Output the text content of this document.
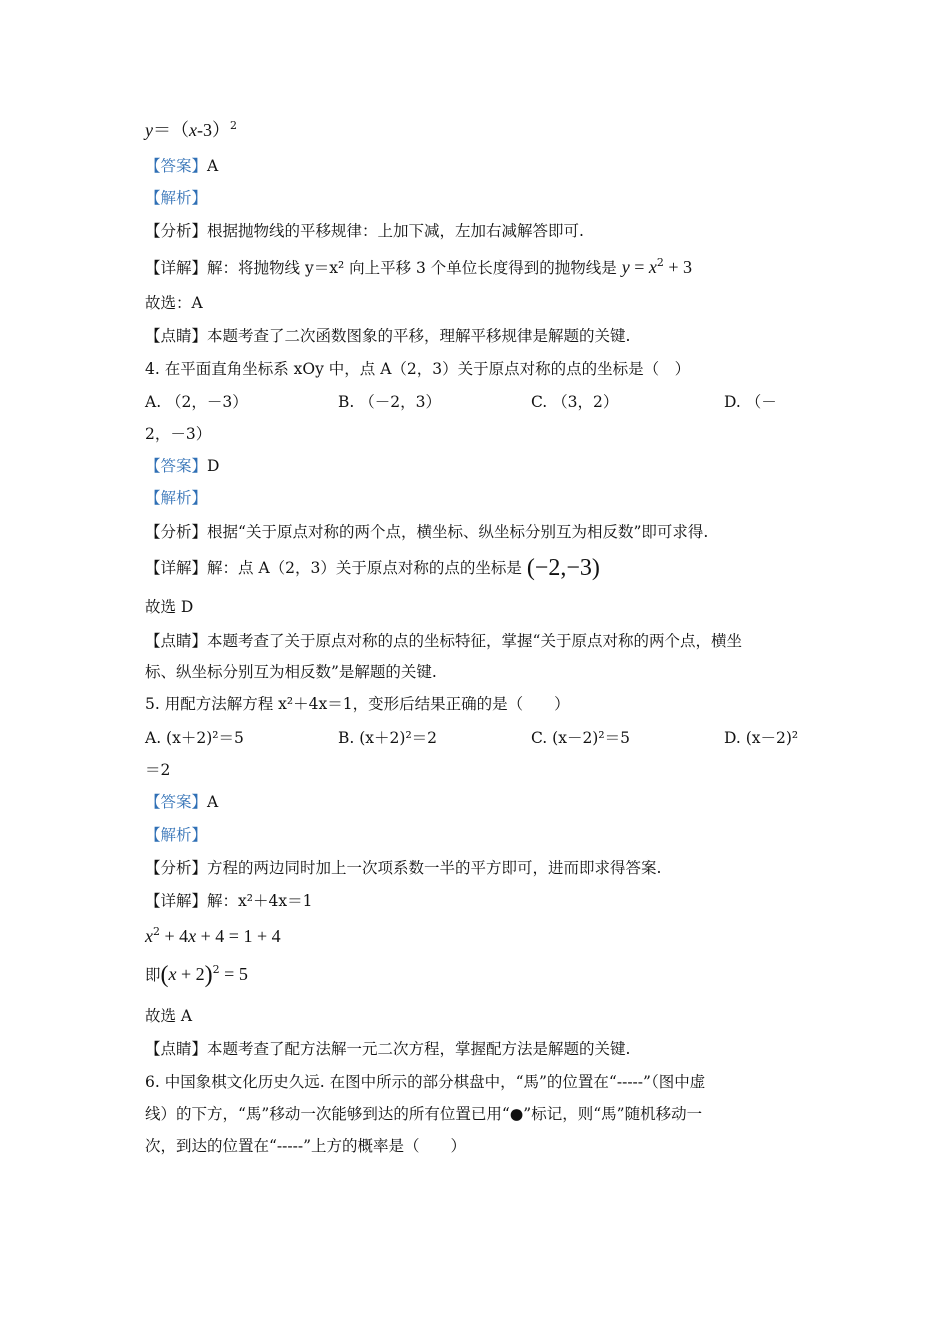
$y=(x-3)^2$
【答案】A
【解析】
【分析】根据抛物线的平移规律：上加下减，左加右减解答即可.
【详解】解：将抛物线 y＝x² 向上平移 3 个单位长度得到的抛物线是 $y = x^2 + 3$
故选：A
【点睛】本题考查了二次函数图象的平移，理解平移规律是解题的关键.
4. 在平面直角坐标系 xOy 中，点 A（2，3）关于原点对称的点的坐标是（　）
A. （2，－3）	B. （－2，3）	C. （3，2）	D. （－
2，－3）
【答案】D
【解析】
【分析】根据“关于原点对称的两个点，横坐标、纵坐标分别互为相反数”即可求得.
【详解】解：点 A（2，3）关于原点对称的点的坐标是 (−2,−3)
故选 D
【点睛】本题考查了关于原点对称的点的坐标特征，掌握“关于原点对称的两个点，横坐
标、纵坐标分别互为相反数”是解题的关键.
5. 用配方法解方程 x²＋4x＝1，变形后结果正确的是（　　）
A. (x＋2)²＝5	B. (x＋2)²＝2	C. (x－2)²＝5	D. (x－2)²
＝2
【答案】A
【解析】
【分析】方程的两边同时加上一次项系数一半的平方即可，进而即求得答案.
【详解】解：x²＋4x＝1
$x^2 + 4x + 4 = 1 + 4$
即$(x + 2)^2 = 5$
故选 A
【点睛】本题考查了配方法解一元二次方程，掌握配方法是解题的关键.
6. 中国象棋文化历史久远. 在图中所示的部分棋盘中，“馬”的位置在“-----”（图中虚
线）的下方，“馬”移动一次能够到达的所有位置已用“●”标记，则“馬”随机移动一
次，到达的位置在“-----”上方的概率是（　　）
